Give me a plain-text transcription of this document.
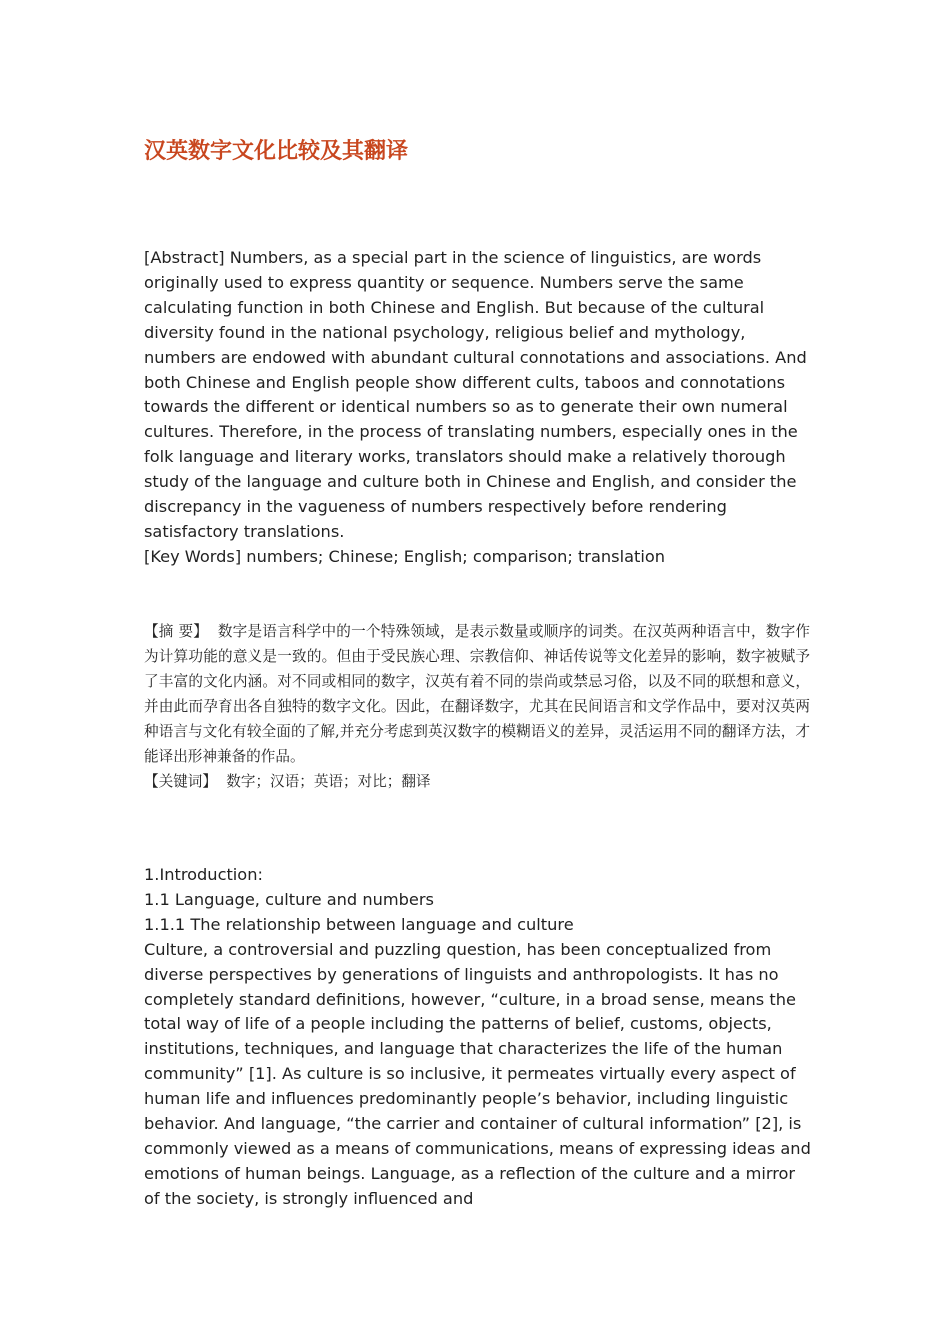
汉英数字文化比较及其翻译

[Abstract] Numbers, as a special part in the science of linguistics, are words originally used to express quantity or sequence. Numbers serve the same calculating function in both Chinese and English. But because of the cultural diversity found in the national psychology, religious belief and mythology, numbers are endowed with abundant cultural connotations and associations. And both Chinese and English people show different cults, taboos and connotations towards the different or identical numbers so as to generate their own numeral cultures. Therefore, in the process of translating numbers, especially ones in the folk language and literary works, translators should make a relatively thorough study of the language and culture both in Chinese and English, and consider the discrepancy in the vagueness of numbers respectively before rendering satisfactory translations.

[Key Words] numbers; Chinese; English; comparison; translation

【摘 要】 数字是语言科学中的一个特殊领域，是表示数量或顺序的词类。在汉英两种语言中，数字作为计算功能的意义是一致的。但由于受民族心理、宗教信仰、神话传说等文化差异的影响，数字被赋予了丰富的文化内涵。对不同或相同的数字，汉英有着不同的崇尚或禁忌习俗，以及不同的联想和意义，并由此而孕育出各自独特的数字文化。因此，在翻译数字，尤其在民间语言和文学作品中，要对汉英两种语言与文化有较全面的了解,并充分考虑到英汉数字的模糊语义的差异，灵活运用不同的翻译方法，才能译出形神兼备的作品。

【关键词】 数字；汉语；英语；对比；翻译

1.Introduction:

1.1 Language, culture and numbers

1.1.1 The relationship between language and culture

Culture, a controversial and puzzling question, has been conceptualized from diverse perspectives by generations of linguists and anthropologists. It has no completely standard definitions, however, “culture, in a broad sense, means the total way of life of a people including the patterns of belief, customs, objects, institutions, techniques, and language that characterizes the life of the human community” [1]. As culture is so inclusive, it permeates virtually every aspect of human life and influences predominantly people’s behavior, including linguistic behavior. And language, “the carrier and container of cultural information” [2], is commonly viewed as a means of communications, means of expressing ideas and emotions of human beings. Language, as a reflection of the culture and a mirror of the society, is strongly influenced and
